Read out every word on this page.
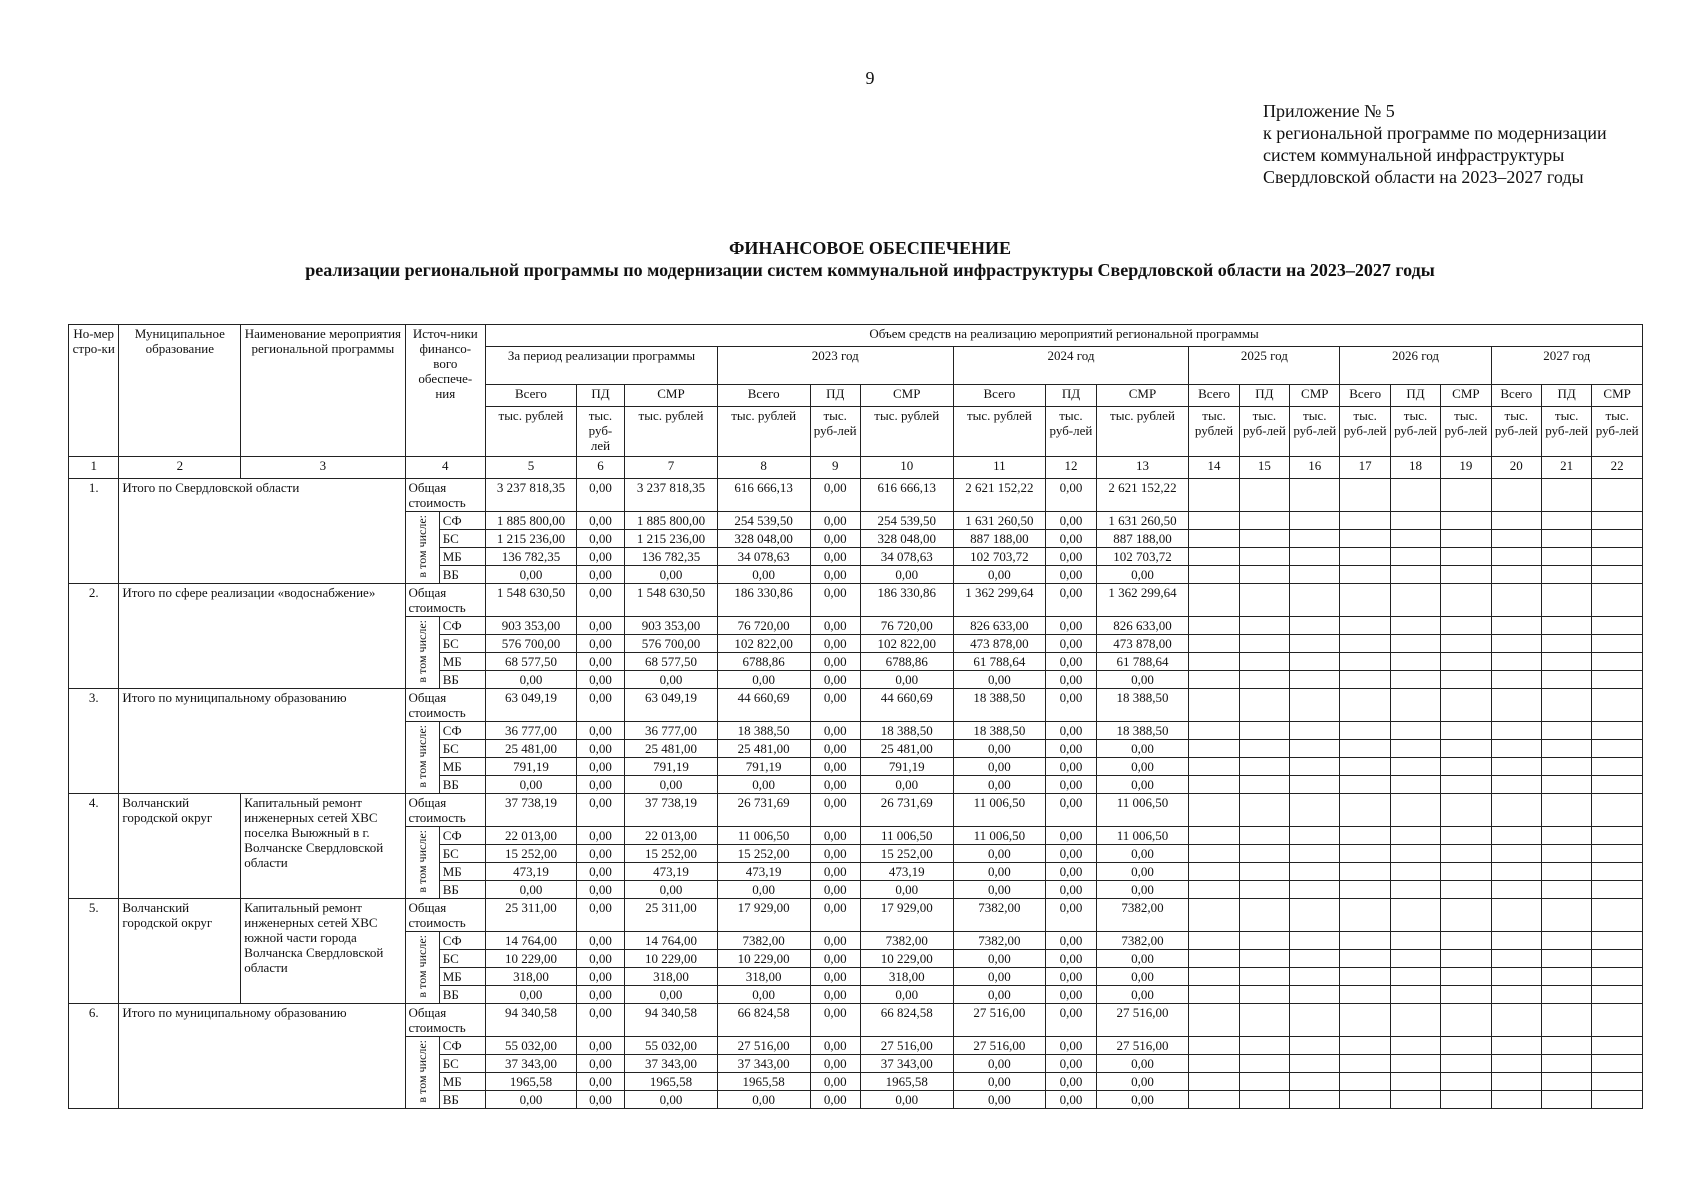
9
Приложение № 5
к региональной программе по модернизации
систем коммунальной инфраструктуры
Свердловской области на 2023–2027 годы
ФИНАНСОВОЕ ОБЕСПЕЧЕНИЕ
реализации региональной программы по модернизации систем коммунальной инфраструктуры Свердловской области на 2023–2027 годы
Но-мер стро-ки	Муниципальное образование	Наименование мероприятия региональной программы	Источ-ники финансо-вого обеспече-ния		Объем средств на реализацию мероприятий региональной программы																	
					За период реализации программы			2023 год			2024 год			2025 год			2026 год			2027 год		
					Всего	ПД	СМР	Всего	ПД	СМР	Всего	ПД	СМР	Всего	ПД	СМР	Всего	ПД	СМР	Всего	ПД	СМР
					тыс. рублей	тыс. руб-лей	тыс. рублей	тыс. рублей	тыс. руб-лей	тыс. рублей	тыс. рублей	тыс. руб-лей	тыс. рублей	тыс. рублей	тыс. руб-лей	тыс. руб-лей	тыс. руб-лей	тыс. руб-лей	тыс. руб-лей	тыс. руб-лей	тыс. руб-лей	тыс. руб-лей
1	2	3	4		5	6	7	8	9	10	11	12	13	14	15	16	17	18	19	20	21	22
1.	Итого по Свердловской области		Общая стоимость		3 237 818,35	0,00	3 237 818,35	616 666,13	0,00	616 666,13	2 621 152,22	0,00	2 621 152,22									
			в том числе:	СФ	1 885 800,00	0,00	1 885 800,00	254 539,50	0,00	254 539,50	1 631 260,50	0,00	1 631 260,50									
				БС	1 215 236,00	0,00	1 215 236,00	328 048,00	0,00	328 048,00	887 188,00	0,00	887 188,00									
				МБ	136 782,35	0,00	136 782,35	34 078,63	0,00	34 078,63	102 703,72	0,00	102 703,72									
				ВБ	0,00	0,00	0,00	0,00	0,00	0,00	0,00	0,00	0,00									
2.	Итого по сфере реализации «водоснабжение»		Общая стоимость		1 548 630,50	0,00	1 548 630,50	186 330,86	0,00	186 330,86	1 362 299,64	0,00	1 362 299,64									
			в том числе:	СФ	903 353,00	0,00	903 353,00	76 720,00	0,00	76 720,00	826 633,00	0,00	826 633,00									
				БС	576 700,00	0,00	576 700,00	102 822,00	0,00	102 822,00	473 878,00	0,00	473 878,00									
				МБ	68 577,50	0,00	68 577,50	6788,86	0,00	6788,86	61 788,64	0,00	61 788,64									
				ВБ	0,00	0,00	0,00	0,00	0,00	0,00	0,00	0,00	0,00									
3.	Итого по муниципальному образованию		Общая стоимость		63 049,19	0,00	63 049,19	44 660,69	0,00	44 660,69	18 388,50	0,00	18 388,50									
			в том числе:	СФ	36 777,00	0,00	36 777,00	18 388,50	0,00	18 388,50	18 388,50	0,00	18 388,50									
				БС	25 481,00	0,00	25 481,00	25 481,00	0,00	25 481,00	0,00	0,00	0,00									
				МБ	791,19	0,00	791,19	791,19	0,00	791,19	0,00	0,00	0,00									
				ВБ	0,00	0,00	0,00	0,00	0,00	0,00	0,00	0,00	0,00									
4.	Волчанский городской округ	Капитальный ремонт инженерных сетей ХВС поселка Выюжный в г. Волчанске Свердловской области	Общая стоимость		37 738,19	0,00	37 738,19	26 731,69	0,00	26 731,69	11 006,50	0,00	11 006,50									
			в том числе:	СФ	22 013,00	0,00	22 013,00	11 006,50	0,00	11 006,50	11 006,50	0,00	11 006,50									
				БС	15 252,00	0,00	15 252,00	15 252,00	0,00	15 252,00	0,00	0,00	0,00									
				МБ	473,19	0,00	473,19	473,19	0,00	473,19	0,00	0,00	0,00									
				ВБ	0,00	0,00	0,00	0,00	0,00	0,00	0,00	0,00	0,00									
5.	Волчанский городской округ	Капитальный ремонт инженерных сетей ХВС южной части города Волчанска Свердловской области	Общая стоимость		25 311,00	0,00	25 311,00	17 929,00	0,00	17 929,00	7382,00	0,00	7382,00									
			в том числе:	СФ	14 764,00	0,00	14 764,00	7382,00	0,00	7382,00	7382,00	0,00	7382,00									
				БС	10 229,00	0,00	10 229,00	10 229,00	0,00	10 229,00	0,00	0,00	0,00									
				МБ	318,00	0,00	318,00	318,00	0,00	318,00	0,00	0,00	0,00									
				ВБ	0,00	0,00	0,00	0,00	0,00	0,00	0,00	0,00	0,00									
6.	Итого по муниципальному образованию		Общая стоимость		94 340,58	0,00	94 340,58	66 824,58	0,00	66 824,58	27 516,00	0,00	27 516,00									
			в том числе:	СФ	55 032,00	0,00	55 032,00	27 516,00	0,00	27 516,00	27 516,00	0,00	27 516,00									
				БС	37 343,00	0,00	37 343,00	37 343,00	0,00	37 343,00	0,00	0,00	0,00									
				МБ	1965,58	0,00	1965,58	1965,58	0,00	1965,58	0,00	0,00	0,00									
				ВБ	0,00	0,00	0,00	0,00	0,00	0,00	0,00	0,00	0,00									
